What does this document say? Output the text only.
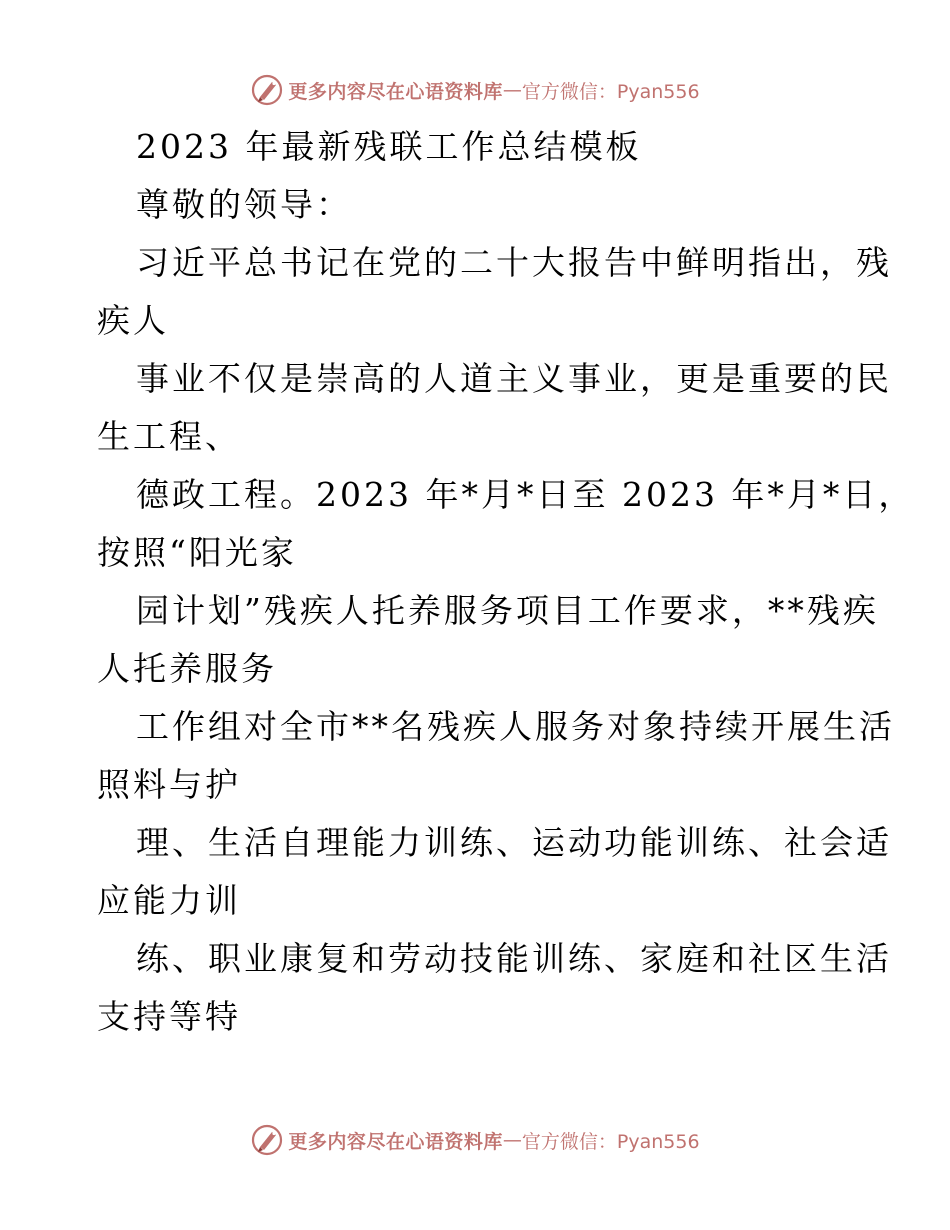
更多内容尽在心语资料库 — 官方微信：Pyan556
2023 年最新残联工作总结模板
尊敬的领导：
习近平总书记在党的二十大报告中鲜明指出，残
疾人
事业不仅是崇高的人道主义事业，更是重要的民
生工程、
德政工程。2023 年*月*日至 2023 年*月*日，
按照“阳光家
园计划”残疾人托养服务项目工作要求，**残疾
人托养服务
工作组对全市**名残疾人服务对象持续开展生活
照料与护
理、生活自理能力训练、运动功能训练、社会适
应能力训
练、职业康复和劳动技能训练、家庭和社区生活
支持等特
更多内容尽在心语资料库 — 官方微信：Pyan556
